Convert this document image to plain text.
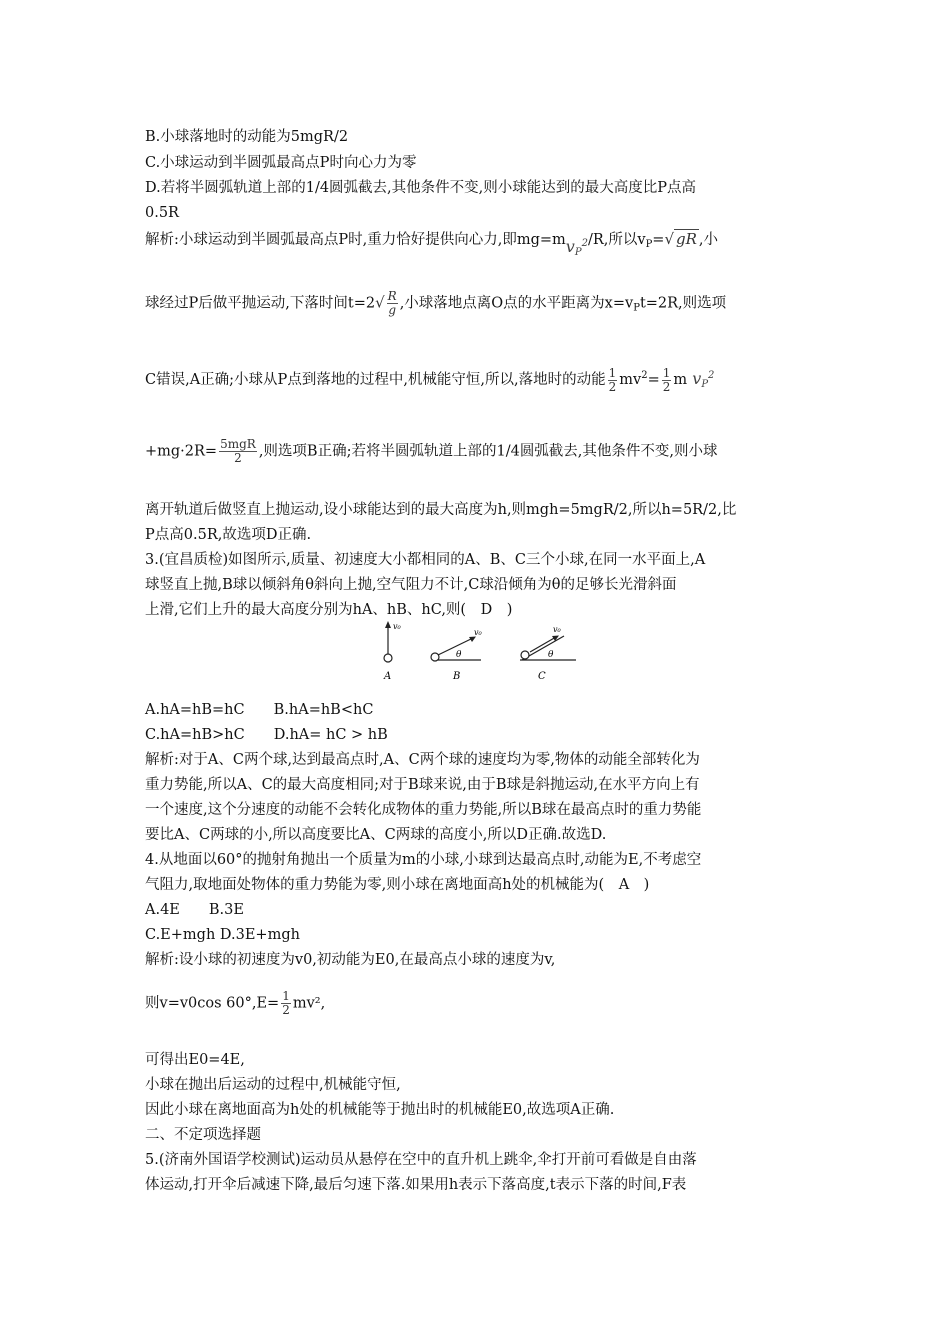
B.小球落地时的动能为5mgR/2
C.小球运动到半圆弧最高点P时向心力为零
D.若将半圆弧轨道上部的1/4圆弧截去,其他条件不变,则小球能达到的最大高度比P点高
0.5R
解析:小球运动到半圆弧最高点P时,重力恰好提供向心力,即$mg=mv_P^2/R$,所以$v_P=√$ gR ,小
球经过P后做平抛运动,下落时间$t=2√ \frac{R}{g}$ ,小球落地点离O点的水平距离为$x=v_Pt=2R$,则选项
C错误,A正确;小球从P点到落地的过程中,机械能守恒,所以,落地时的动能 $\frac{1}{2} mv^2= \frac{1}{2}$ m $v_P^2$
$+mg\cdot 2R= \frac{\text{5mgR}}{2}$ ,则选项B正确;若将半圆弧轨道上部的1/4圆弧截去,其他条件不变,则小球
离开轨道后做竖直上抛运动,设小球能达到的最大高度为h,则mgh=5mgR/2,所以h=5R/2,比
P点高0.5R,故选项D正确.
3.(宜昌质检)如图所示,质量、初速度大小都相同的A、B、C三个小球,在同一水平面上,A
球竖直上抛,B球以倾斜角θ斜向上抛,空气阻力不计,C球沿倾角为θ的足够长光滑斜面
上滑,它们上升的最大高度分别为hA、hB、hC,则(　D　)
v₀
A
v₀
θ
B
v₀
θ
C
A.hA=hB=hC　　B.hA=hB<hC
C.hA=hB>hC　　D.hA= hC > hB
解析:对于A、C两个球,达到最高点时,A、C两个球的速度均为零,物体的动能全部转化为
重力势能,所以A、C的最大高度相同;对于B球来说,由于B球是斜抛运动,在水平方向上有
一个速度,这个分速度的动能不会转化成物体的重力势能,所以B球在最高点时的重力势能
要比A、C两球的小,所以高度要比A、C两球的高度小,所以D正确.故选D.
4.从地面以60°的抛射角抛出一个质量为m的小球,小球到达最高点时,动能为E,不考虑空
气阻力,取地面处物体的重力势能为零,则小球在离地面高h处的机械能为(　A　)
A.4E　　B.3E
C.E+mgh D.3E+mgh
解析:设小球的初速度为v0,初动能为E0,在最高点小球的速度为v,
则v=v0cos $60^\circ,E= \frac{1}{2} mv^2$,
可得出E0=4E,
小球在抛出后运动的过程中,机械能守恒,
因此小球在离地面高为h处的机械能等于抛出时的机械能E0,故选项A正确.
二、不定项选择题
5.(济南外国语学校测试)运动员从悬停在空中的直升机上跳伞,伞打开前可看做是自由落
体运动,打开伞后减速下降,最后匀速下落.如果用h表示下落高度,t表示下落的时间,F表
